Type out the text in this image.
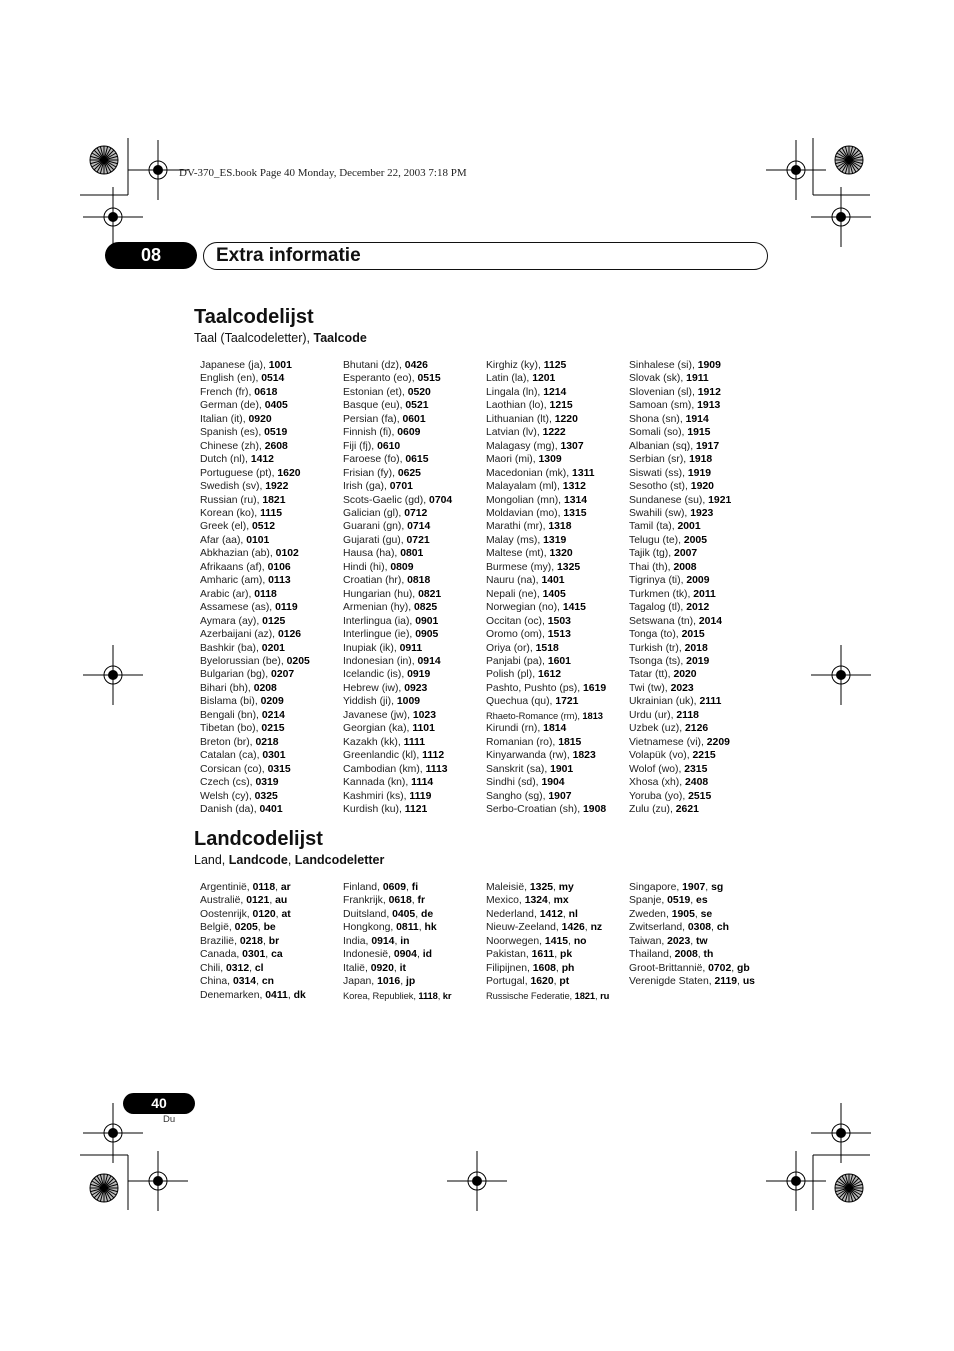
DV-370_ES.book Page 40 Monday, December 22, 2003 7:18 PM
08	Extra informatie
Taalcodelijst
Taal (Taalcodeletter), Taalcode
Japanese (ja), 1001
English (en), 0514
French (fr), 0618
German (de), 0405
Italian (it), 0920
Spanish (es), 0519
Chinese (zh), 2608
Dutch (nl), 1412
Portuguese (pt), 1620
Swedish (sv), 1922
Russian (ru), 1821
Korean (ko), 1115
Greek (el), 0512
Afar (aa), 0101
Abkhazian (ab), 0102
Afrikaans (af), 0106
Amharic (am), 0113
Arabic (ar), 0118
Assamese (as), 0119
Aymara (ay), 0125
Azerbaijani (az), 0126
Bashkir (ba), 0201
Byelorussian (be), 0205
Bulgarian (bg), 0207
Bihari (bh), 0208
Bislama (bi), 0209
Bengali (bn), 0214
Tibetan (bo), 0215
Breton (br), 0218
Catalan (ca), 0301
Corsican (co), 0315
Czech (cs), 0319
Welsh (cy), 0325
Danish (da), 0401
Bhutani (dz), 0426
Esperanto (eo), 0515
Estonian (et), 0520
Basque (eu), 0521
Persian (fa), 0601
Finnish (fi), 0609
Fiji (fj), 0610
Faroese (fo), 0615
Frisian (fy), 0625
Irish (ga), 0701
Scots-Gaelic (gd), 0704
Galician (gl), 0712
Guarani (gn), 0714
Gujarati (gu), 0721
Hausa (ha), 0801
Hindi (hi), 0809
Croatian (hr), 0818
Hungarian (hu), 0821
Armenian (hy), 0825
Interlingua (ia), 0901
Interlingue (ie), 0905
Inupiak (ik), 0911
Indonesian (in), 0914
Icelandic (is), 0919
Hebrew (iw), 0923
Yiddish (ji), 1009
Javanese (jw), 1023
Georgian (ka), 1101
Kazakh (kk), 1111
Greenlandic (kl), 1112
Cambodian (km), 1113
Kannada (kn), 1114
Kashmiri (ks), 1119
Kurdish (ku), 1121
Kirghiz (ky), 1125
Latin (la), 1201
Lingala (ln), 1214
Laothian (lo), 1215
Lithuanian (lt), 1220
Latvian (lv), 1222
Malagasy (mg), 1307
Maori (mi), 1309
Macedonian (mk), 1311
Malayalam (ml), 1312
Mongolian (mn), 1314
Moldavian (mo), 1315
Marathi (mr), 1318
Malay (ms), 1319
Maltese (mt), 1320
Burmese (my), 1325
Nauru (na), 1401
Nepali (ne), 1405
Norwegian (no), 1415
Occitan (oc), 1503
Oromo (om), 1513
Oriya (or), 1518
Panjabi (pa), 1601
Polish (pl), 1612
Pashto, Pushto (ps), 1619
Quechua (qu), 1721
Rhaeto-Romance (rm), 1813
Kirundi (rn), 1814
Romanian (ro), 1815
Kinyarwanda (rw), 1823
Sanskrit (sa), 1901
Sindhi (sd), 1904
Sangho (sg), 1907
Serbo-Croatian (sh), 1908
Sinhalese (si), 1909
Slovak (sk), 1911
Slovenian (sl), 1912
Samoan (sm), 1913
Shona (sn), 1914
Somali (so), 1915
Albanian (sq), 1917
Serbian (sr), 1918
Siswati (ss), 1919
Sesotho (st), 1920
Sundanese (su), 1921
Swahili (sw), 1923
Tamil (ta), 2001
Telugu (te), 2005
Tajik (tg), 2007
Thai (th), 2008
Tigrinya (ti), 2009
Turkmen (tk), 2011
Tagalog (tl), 2012
Setswana (tn), 2014
Tonga (to), 2015
Turkish (tr), 2018
Tsonga (ts), 2019
Tatar (tt), 2020
Twi (tw), 2023
Ukrainian (uk), 2111
Urdu (ur), 2118
Uzbek (uz), 2126
Vietnamese (vi), 2209
Volapük (vo), 2215
Wolof (wo), 2315
Xhosa (xh), 2408
Yoruba (yo), 2515
Zulu (zu), 2621
Landcodelijst
Land, Landcode, Landcodeletter
Argentinië, 0118, ar
Australië, 0121, au
Oostenrijk, 0120, at
België, 0205, be
Brazilië, 0218, br
Canada, 0301, ca
Chili, 0312, cl
China, 0314, cn
Denemarken, 0411, dk
Finland, 0609, fi
Frankrijk, 0618, fr
Duitsland, 0405, de
Hongkong, 0811, hk
India, 0914, in
Indonesië, 0904, id
Italië, 0920, it
Japan, 1016, jp
Korea, Republiek, 1118, kr
Maleisië, 1325, my
Mexico, 1324, mx
Nederland, 1412, nl
Nieuw-Zeeland, 1426, nz
Noorwegen, 1415, no
Pakistan, 1611, pk
Filipijnen, 1608, ph
Portugal, 1620, pt
Russische Federatie, 1821, ru
Singapore, 1907, sg
Spanje, 0519, es
Zweden, 1905, se
Zwitserland, 0308, ch
Taiwan, 2023, tw
Thailand, 2008, th
Groot-Brittannië, 0702, gb
Verenigde Staten, 2119, us
40
Du
